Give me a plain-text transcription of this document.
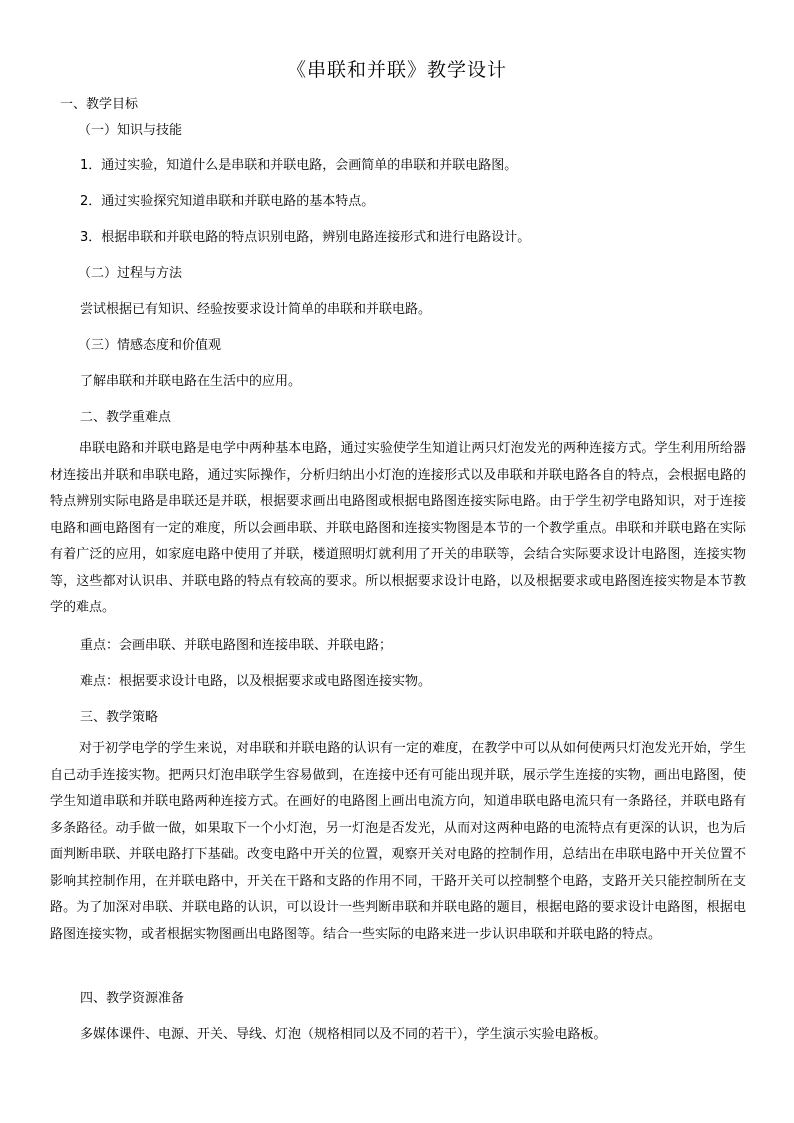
《串联和并联》教学设计
一、教学目标
（一）知识与技能
1．通过实验，知道什么是串联和并联电路，会画简单的串联和并联电路图。
2．通过实验探究知道串联和并联电路的基本特点。
3．根据串联和并联电路的特点识别电路，辨别电路连接形式和进行电路设计。
（二）过程与方法
尝试根据已有知识、经验按要求设计简单的串联和并联电路。
（三）情感态度和价值观
了解串联和并联电路在生活中的应用。
二、教学重难点
串联电路和并联电路是电学中两种基本电路，通过实验使学生知道让两只灯泡发光的两种连接方式。学生利用所给器材连接出并联和串联电路，通过实际操作，分析归纳出小灯泡的连接形式以及串联和并联电路各自的特点，会根据电路的特点辨别实际电路是串联还是并联，根据要求画出电路图或根据电路图连接实际电路。由于学生初学电路知识，对于连接电路和画电路图有一定的难度，所以会画串联、并联电路图和连接实物图是本节的一个教学重点。串联和并联电路在实际有着广泛的应用，如家庭电路中使用了并联，楼道照明灯就利用了开关的串联等，会结合实际要求设计电路图，连接实物等，这些都对认识串、并联电路的特点有较高的要求。所以根据要求设计电路，以及根据要求或电路图连接实物是本节教学的难点。
重点：会画串联、并联电路图和连接串联、并联电路；
难点：根据要求设计电路，以及根据要求或电路图连接实物。
三、教学策略
对于初学电学的学生来说，对串联和并联电路的认识有一定的难度，在教学中可以从如何使两只灯泡发光开始，学生自己动手连接实物。把两只灯泡串联学生容易做到，在连接中还有可能出现并联，展示学生连接的实物，画出电路图，使学生知道串联和并联电路两种连接方式。在画好的电路图上画出电流方向，知道串联电路电流只有一条路径，并联电路有多条路径。动手做一做，如果取下一个小灯泡，另一灯泡是否发光，从而对这两种电路的电流特点有更深的认识，也为后面判断串联、并联电路打下基础。改变电路中开关的位置，观察开关对电路的控制作用，总结出在串联电路中开关位置不影响其控制作用，在并联电路中，开关在干路和支路的作用不同，干路开关可以控制整个电路，支路开关只能控制所在支路。为了加深对串联、并联电路的认识，可以设计一些判断串联和并联电路的题目，根据电路的要求设计电路图，根据电路图连接实物，或者根据实物图画出电路图等。结合一些实际的电路来进一步认识串联和并联电路的特点。
四、教学资源准备
多媒体课件、电源、开关、导线、灯泡（规格相同以及不同的若干），学生演示实验电路板。
